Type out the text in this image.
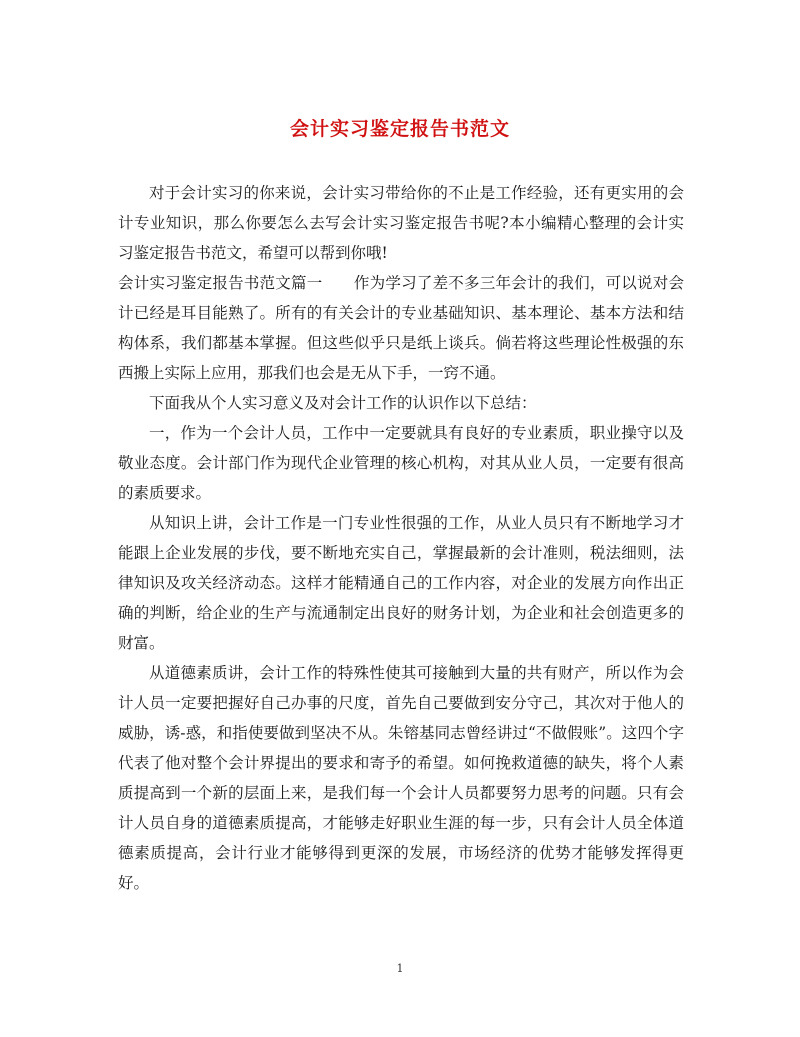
会计实习鉴定报告书范文

对于会计实习的你来说，会计实习带给你的不止是工作经验，还有更实用的会计专业知识，那么你要怎么去写会计实习鉴定报告书呢?本小编精心整理的会计实习鉴定报告书范文，希望可以帮到你哦!

会计实习鉴定报告书范文篇一　　作为学习了差不多三年会计的我们，可以说对会计已经是耳目能熟了。所有的有关会计的专业基础知识、基本理论、基本方法和结构体系，我们都基本掌握。但这些似乎只是纸上谈兵。倘若将这些理论性极强的东西搬上实际上应用，那我们也会是无从下手，一窍不通。

下面我从个人实习意义及对会计工作的认识作以下总结：

一，作为一个会计人员，工作中一定要就具有良好的专业素质，职业操守以及敬业态度。会计部门作为现代企业管理的核心机构，对其从业人员，一定要有很高的素质要求。

从知识上讲，会计工作是一门专业性很强的工作，从业人员只有不断地学习才能跟上企业发展的步伐，要不断地充实自己，掌握最新的会计准则，税法细则，法律知识及攻关经济动态。这样才能精通自己的工作内容，对企业的发展方向作出正确的判断，给企业的生产与流通制定出良好的财务计划，为企业和社会创造更多的财富。

从道德素质讲，会计工作的特殊性使其可接触到大量的共有财产，所以作为会计人员一定要把握好自己办事的尺度，首先自己要做到安分守己，其次对于他人的威胁，诱-惑，和指使要做到坚决不从。朱镕基同志曾经讲过“不做假账”。这四个字代表了他对整个会计界提出的要求和寄予的希望。如何挽救道德的缺失，将个人素质提高到一个新的层面上来，是我们每一个会计人员都要努力思考的问题。只有会计人员自身的道德素质提高，才能够走好职业生涯的每一步，只有会计人员全体道德素质提高，会计行业才能够得到更深的发展，市场经济的优势才能够发挥得更好。

1
